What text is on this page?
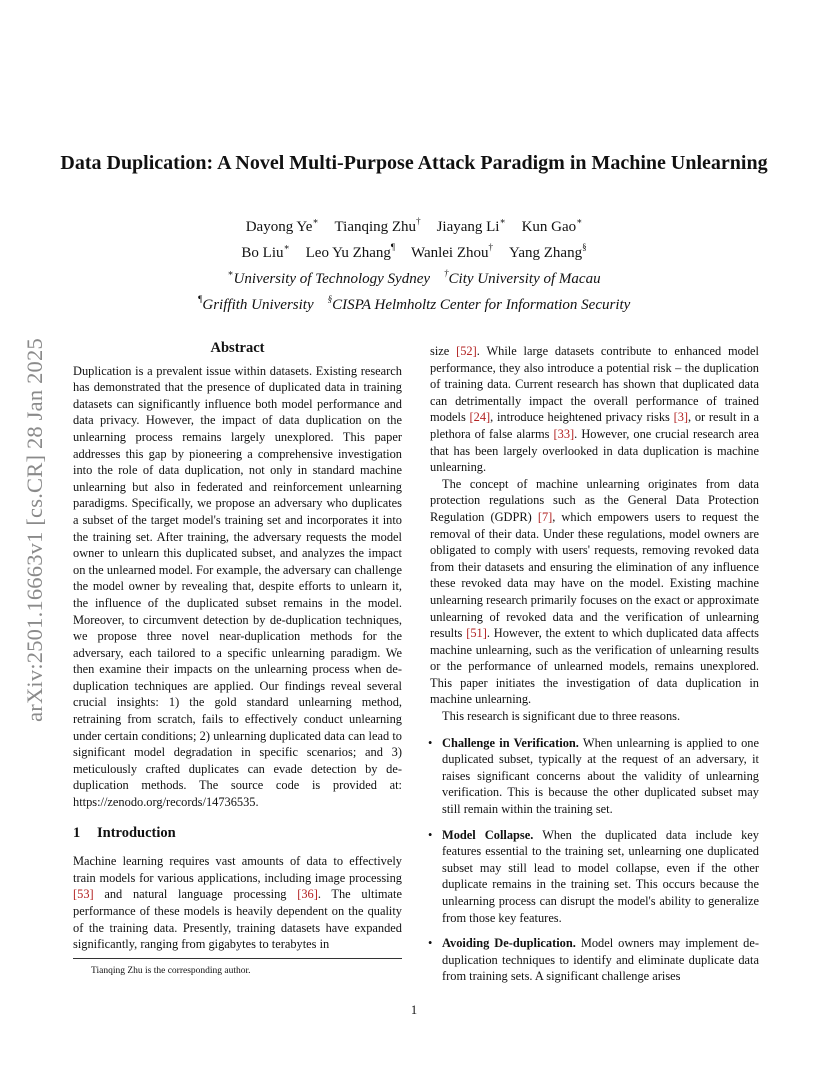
arXiv:2501.16663v1 [cs.CR] 28 Jan 2025
Data Duplication: A Novel Multi-Purpose Attack Paradigm in Machine Unlearning
Dayong Ye∗ Tianqing Zhu† Jiayang Li∗ Kun Gao∗
Bo Liu∗ Leo Yu Zhang¶ Wanlei Zhou† Yang Zhang§
∗University of Technology Sydney †City University of Macau
¶Griffith University §CISPA Helmholtz Center for Information Security
Abstract

Duplication is a prevalent issue within datasets. Existing research has demonstrated that the presence of duplicated data in training datasets can significantly influence both model performance and data privacy. However, the impact of data duplication on the unlearning process remains largely unexplored. This paper addresses this gap by pioneering a comprehensive investigation into the role of data duplication, not only in standard machine unlearning but also in federated and reinforcement unlearning paradigms. Specifically, we propose an adversary who duplicates a subset of the target model's training set and incorporates it into the training set. After training, the adversary requests the model owner to unlearn this duplicated subset, and analyzes the impact on the unlearned model. For example, the adversary can challenge the model owner by revealing that, despite efforts to unlearn it, the influence of the duplicated subset remains in the model. Moreover, to circumvent detection by de-duplication techniques, we propose three novel near-duplication methods for the adversary, each tailored to a specific unlearning paradigm. We then examine their impacts on the unlearning process when de-duplication techniques are applied. Our findings reveal several crucial insights: 1) the gold standard unlearning method, retraining from scratch, fails to effectively conduct unlearning under certain conditions; 2) unlearning duplicated data can lead to significant model degradation in specific scenarios; and 3) meticulously crafted duplicates can evade detection by de-duplication methods. The source code is provided at: https://zenodo.org/records/14736535.

1 Introduction

Machine learning requires vast amounts of data to effectively train models for various applications, including image processing [53] and natural language processing [36]. The ultimate performance of these models is heavily dependent on the quality of the training data. Presently, training datasets have expanded significantly, ranging from gigabytes to terabytes in

size [52]. While large datasets contribute to enhanced model performance, they also introduce a potential risk – the duplication of training data. Current research has shown that duplicated data can detrimentally impact the overall performance of trained models [24], introduce heightened privacy risks [3], or result in a plethora of false alarms [33]. However, one crucial research area that has been largely overlooked in data duplication is machine unlearning.

The concept of machine unlearning originates from data protection regulations such as the General Data Protection Regulation (GDPR) [7], which empowers users to request the removal of their data. Under these regulations, model owners are obligated to comply with users' requests, removing revoked data from their datasets and ensuring the elimination of any influence these revoked data may have on the model. Existing machine unlearning research primarily focuses on the exact or approximate unlearning of revoked data and the verification of unlearning results [51]. However, the extent to which duplicated data affects machine unlearning, such as the verification of unlearning results or the performance of unlearned models, remains unexplored. This paper initiates the investigation of data duplication in machine unlearning.

This research is significant due to three reasons.

• Challenge in Verification. When unlearning is applied to one duplicated subset, typically at the request of an adversary, it raises significant concerns about the validity of unlearning verification. This is because the other duplicated subset may still remain within the training set.
• Model Collapse. When the duplicated data include key features essential to the training set, unlearning one duplicated subset may still lead to model collapse, even if the other duplicate remains in the training set. This occurs because the unlearning process can disrupt the model's ability to generalize from those key features.
• Avoiding De-duplication. Model owners may implement de-duplication techniques to identify and eliminate duplicate data from training sets. A significant challenge arises

Tianqing Zhu is the corresponding author.

1
